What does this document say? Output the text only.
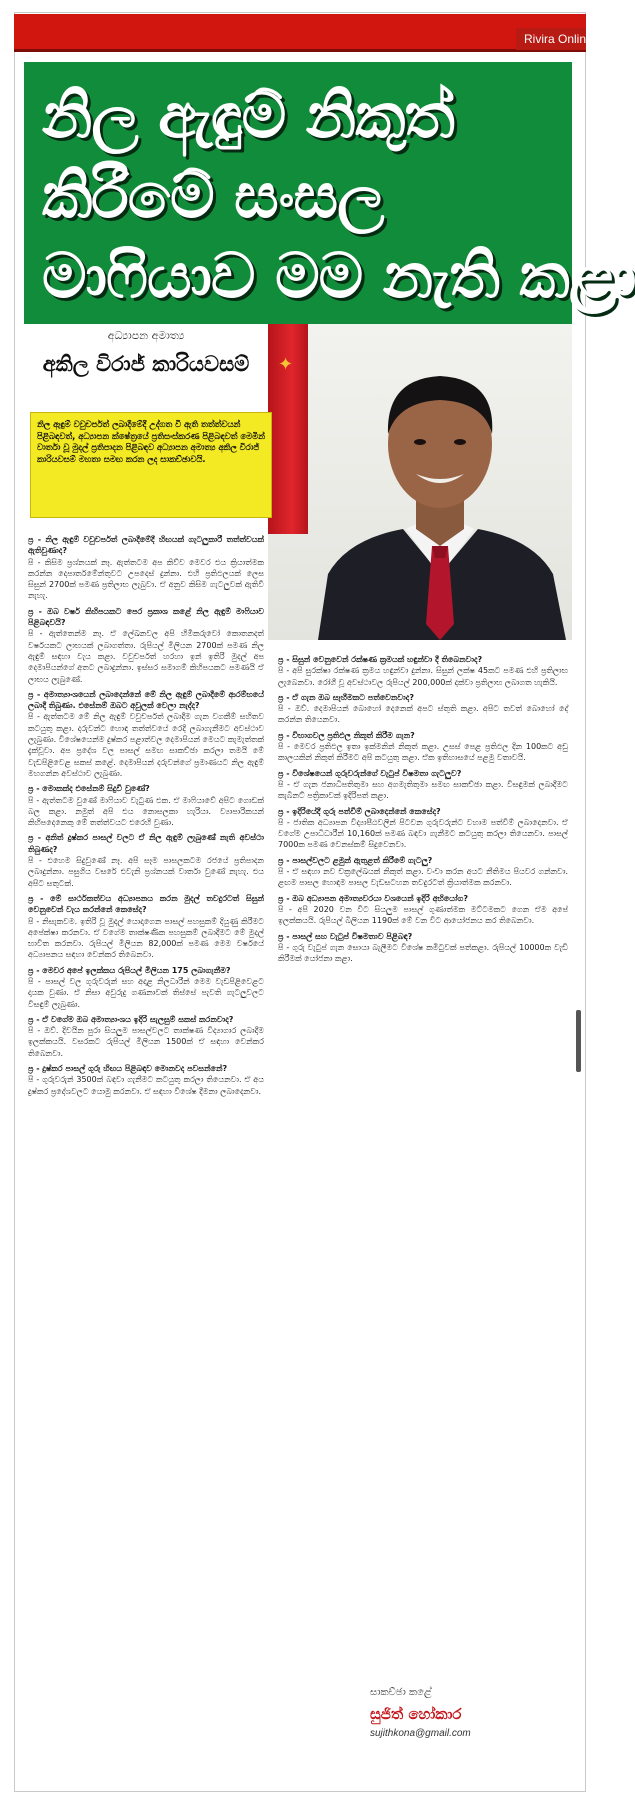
Rivira Online
නිල ඇඳුම් නිකුත්
කිරීමේ සංසල
මාෆියාව මම නැති කළා
අධ්‍යාපන අමාත්‍ය
අකිල විරාජ් කාරියවසම්	✦
නිල ඇඳුම් වවුචර්පත් ලබාදීමේදී උද්ගත වී ඇති තත්ත්වයන් පිළිබඳවත්, අධ්‍යාපන ක්ෂේත්‍රයේ ප්‍රතිසංස්කරණ පිළිබඳවත් මෙමින් වාර්තා වූ මුදල් ප්‍රතිපාදන පිළිබඳව අධ්‍යාපන අමාත්‍ය අකිල විරාජ් කාරියවසම් මහතා සමඟ කරන ලද සාකච්ඡාවයි.
ප්‍ර - නිල ඇඳුම් වවුචර්පත් ලබාදීමේදී හිඟයක් ගැටලුකාරී තත්ත්වයක් ඇතිවුණාද?
පි - කිසිම ප්‍රශ්නයක් නෑ. ඇත්තටම අප කිව්ව මෙවර එය ක්‍රියාත්මක කරන්න දෙපාර්තමේන්තුවට උපදෙස් දුන්නා. එහි ප්‍රතිඵලයක් ලෙස සිසුන් 2700ක් පමණ ප්‍රතිලාභ ලැබුවා. ඒ අනුව කිසිම ගැටලුවක් ඇතිවී නැහැ.
ප්‍ර - ඔබ වර්ෂ කිහිපයකට පෙර ප්‍රකාශ කළේ නිල ඇඳුම් මාෆියාව පිළිබඳවයි?
පි - ඇත්තෙන්ම නෑ. ඒ ලේඛනවල අපි හිමිකරුවෝ කොතනදත් වර්ෂයකට ලාභයක් ලබාගත්තා. රුපියල් මිලියන 2700ක් පමණ නිල ඇඳුම් සඳහා වැය කළා. වවුචර්පත් හරහා ඉන් ඉතිරි මුදල් අප දෙමාපියන්ගේ අතට ලබාදුන්නා. ඉස්සර සමාගම් කිහිපයකට පමණයි ඒ ලාභය ලැබුණේ.
ප්‍ර - අමාත්‍යාංශයෙන් ලබාදෙන්නේ මේ නිල ඇඳුම් ලබාදීමේ ආරම්භයේ ලබාදී තිබුණා. එසේනම් ඔබට අවුලක් වෙලා නැද්ද?
පි - ඇත්තටම මේ නිල ඇඳුම් වවුචර්පත් ලබාදීම ගැන වගකීම් සහිතව කටයුතු කළා. දරුවන්ට හොඳ තත්ත්වයේ රෙදි ලබාගැනීමට අවස්ථාව ලැබුණා. විශේෂයෙන්ම දුෂ්කර පළාත්වල දෙමාපියන් මෙයට කැමැත්තක් දැක්වූවා. අප ප්‍රදේශ වල පාසල් සමඟ සාකච්ඡා කරලා තමයි මේ වැඩපිළිවෙළ සකස් කළේ. දෙමාපියන් දරුවන්ගේ ප්‍රමාණයට නිල ඇඳුම් මහගන්න අවස්ථාව ලැබුණා.
ප්‍ර - මොකක්ද එසේනම් සිදුවී වුණේ?
පි - ඇත්තටම වුණේ මාෆියාව වැටුණ එක. ඒ මාෆියාවේ අපිට ගොඩක් බල කළා. නමුත් අපි එය නොසලකා හැරියා. ව්‍යාපාරිකයන් කිහිපදෙනෙකු මේ තත්ත්වයට එරෙහි වුණා.
ප්‍ර - අනිත් දුෂ්කර පාසල් වලට ඒ නිල ඇඳුම් ලැබුණේ නැති අවස්ථා තිබුණද?
පි - එහෙම සිදුවුණේ නෑ. අපි සෑම පාසලකටම රජයේ ප්‍රතිපාදන ලබාදුන්නා. පසුගිය වසරේ එවැනි ප්‍රශ්නයක් වාර්තා වුණේ නැහැ. එය අපිට සතුටක්.
ප්‍ර - මේ සාර්ථකත්වය අධ්‍යාපනය කරන මුදල් තවදුරටත් සිසුන් වෙනුවෙන් වැය කරන්නේ කෙසේද?
පි - නිසැකවම. ඉතිරි වූ මුදල් යොදාගෙන පාසල් පහසුකම් දියුණු කිරීමට අපේක්ෂා කරනවා. ඒ වගේම තාක්ෂණික පහසුකම් ලබාදීමට මේ මුදල් භාවිත කරනවා. රුපියල් මිලියන 82,000ක් පමණ මෙම වර්ෂයේ අධ්‍යාපනය සඳහා වෙන්කර තිබෙනවා.
ප්‍ර - මෙවර අපේ ඉලක්කය රුපියල් මිලියන 175 ලබාගැනීම?
පි - පාසල් වල ගුරුවරුන් සහ අදාළ නිලධාරීන් මෙම වැඩපිළිවෙළට දායක වුණා. ඒ නිසා අවුරුදු ගණනාවක් තිස්සේ පැවති ගැටලුවලට විසඳුම් ලැබුණා.
ප්‍ර - ඒ වගේම ඔබ අමාත්‍යාංශය ඉදිරි සැලසුම් සකස් කරනවාද?
පි - ඔව්. දිවයින පුරා සියලුම පාසල්වලට තාක්ෂණ විද්‍යාගාර ලබාදීම ඉලක්කයයි. වසරකට රුපියල් මිලියන 1500ක් ඒ සඳහා වෙන්කර තිබෙනවා.
ප්‍ර - දුෂ්කර පාසල් ගුරු හිඟය පිළිබඳව මොනවද පවසන්නේ?
පි - ගුරුවරුන් 3500ක් බඳවා ගැනීමට කටයුතු කරලා තියෙනවා. ඒ අය දුෂ්කර ප්‍රදේශවලට යොමු කරනවා. ඒ සඳහා විශේෂ දීමනා ලබාදෙනවා.
ප්‍ර - සිසුන් වෙනුවෙන් රක්ෂණ ක්‍රමයක් හඳුන්වා දී තිබෙනවාද?
පි - අපි සුරක්ෂා රක්ෂණ ක්‍රමය හඳුන්වා දුන්නා. සිසුන් ලක්ෂ 45කට පමණ එහි ප්‍රතිලාභ ලැබෙනවා. රෝගී වූ අවස්ථාවල රුපියල් 200,000ක් දක්වා ප්‍රතිලාභ ලබාගත හැකියි.
ප්‍ර - ඒ ගැන ඔබ සෑහීමකට පත්වෙනවාද?
පි - ඔව්. දෙමාපියන් බොහෝ දෙනෙක් අපට ස්තුති කළා. අපිට තවත් බොහෝ දේ කරන්න තියෙනවා.
ප්‍ර - විභාගවල ප්‍රතිඵල නිකුත් කිරීම ගැන?
පි - මෙවර ප්‍රතිඵල ඉතා ඉක්මනින් නිකුත් කළා. උසස් පෙළ ප්‍රතිඵල දින 100කට අඩු කාලයකින් නිකුත් කිරීමට අපි කටයුතු කළා. ඒක ඉතිහාසයේ පළමු වතාවයි.
ප්‍ර - විශේෂයෙන් ගුරුවරුන්ගේ වැටුප් විෂමතා ගැටලුව?
පි - ඒ ගැන ජනාධිපතිතුමා සහ අගමැතිතුමා සමඟ සාකච්ඡා කළා. විසඳුමක් ලබාදීමට කැබිනට් පත්‍රිකාවක් ඉදිරිපත් කළා.
ප්‍ර - ඉදිරියේදී ගුරු පත්වීම් ලබාදෙන්නේ කෙසේද?
පි - ජාතික අධ්‍යාපන විද්‍යාපීඨවලින් පිටවන ගුරුවරුන්ට වහාම පත්වීම් ලබාදෙනවා. ඒ වගේම උපාධිධාරීන් 10,160ක් පමණ බඳවා ගැනීමට කටයුතු කරලා තියෙනවා. පාසල් 7000ක පමණ වෙනස්කම් සිදුවෙනවා.
ප්‍ර - පාසල්වලට ළමුන් ඇතුළත් කිරීමේ ගැටලු?
පි - ඒ සඳහා නව චක්‍රලේඛයක් නිකුත් කළා. වංචා කරන අයට නීතිමය පියවර ගන්නවා. ළඟම පාසල හොඳම පාසල වැඩසටහන තවදුරටත් ක්‍රියාත්මක කරනවා.
ප්‍ර - ඔබ අධ්‍යාපන අමාත්‍යවරයා වශයෙන් ඉදිරි අභියෝග?
පි - අපි 2020 වන විට සියලුම පාසල් ගුණාත්මක මට්ටමකට ගෙන ඒම අපේ ඉලක්කයයි. රුපියල් බිලියන 1190ක් මේ වන විට ආයෝජනය කර තිබෙනවා.
ප්‍ර - පාසල් සහ වැටුප් විෂමතාව පිළිබඳ?
පි - ගුරු වැටුප් ගැන සොයා බැලීමට විශේෂ කමිටුවක් පත්කළා. රුපියල් 10000ක වැඩි කිරීමක් යෝජනා කළා.
සාකච්ඡා කළේ
සුජිත් හෝකාර
sujithkona@gmail.com
